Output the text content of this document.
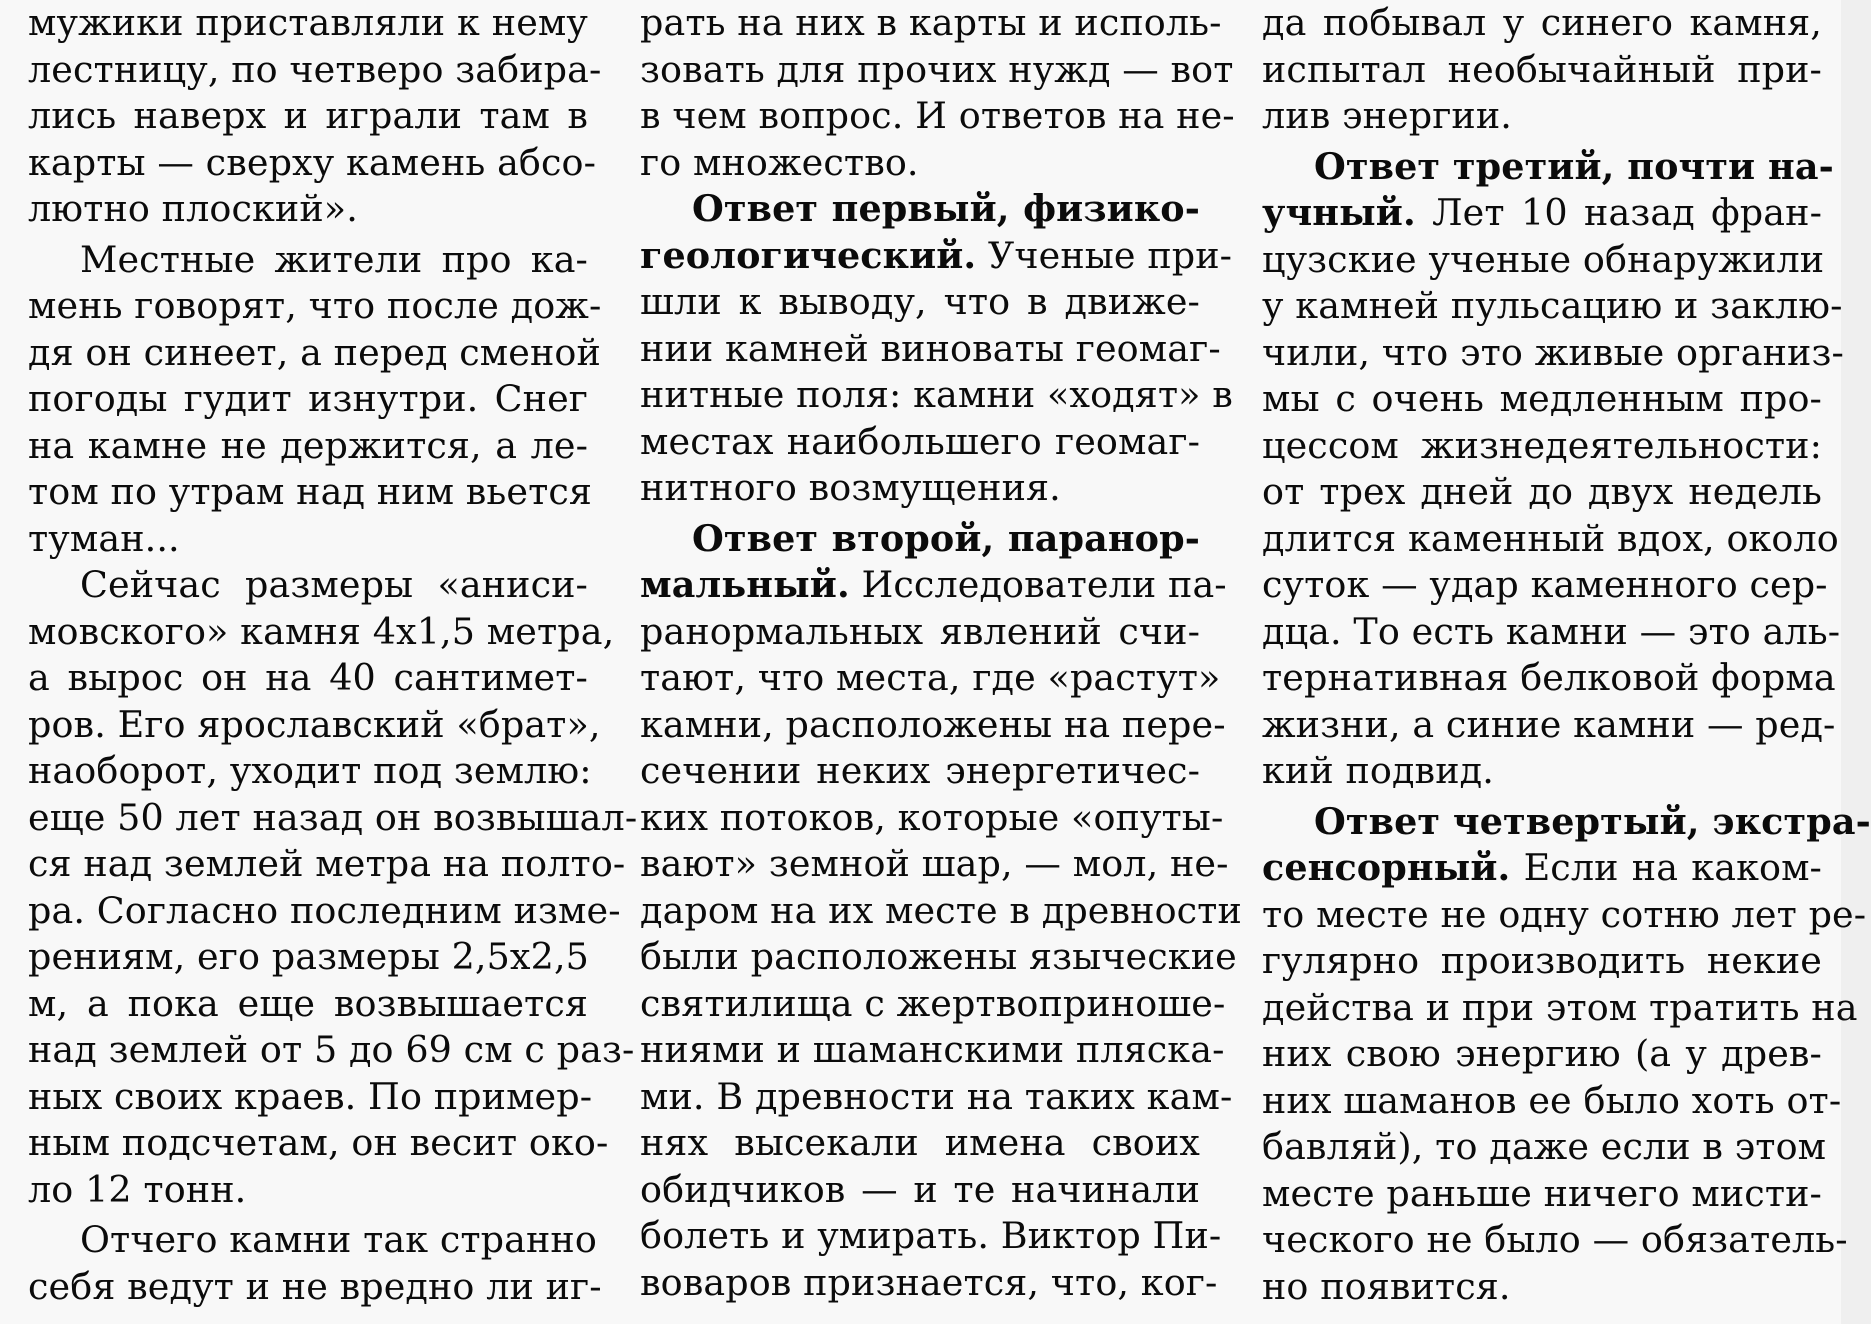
мужики приставляли к нему
лестницу, по четверо забира-
лись наверх и играли там в
карты — сверху камень абсо-
лютно плоский».
Местные жители про ка-
мень говорят, что после дож-
дя он синеет, а перед сменой
погоды гудит изнутри. Снег
на камне не держится, а ле-
том по утрам над ним вьется
туман...
Сейчас размеры «аниси-
мовского» камня 4х1,5 метра,
а вырос он на 40 сантимет-
ров. Его ярославский «брат»,
наоборот, уходит под землю:
еще 50 лет назад он возвышал-
ся над землей метра на полто-
ра. Согласно последним изме-
рениям, его размеры 2,5х2,5
м, а пока еще возвышается
над землей от 5 до 69 см с раз-
ных своих краев. По пример-
ным подсчетам, он весит око-
ло 12 тонн.
Отчего камни так странно
себя ведут и не вредно ли иг-
рать на них в карты и исполь-
зовать для прочих нужд — вот
в чем вопрос. И ответов на не-
го множество.
Ответ первый, физико-
геологический. Ученые при-
шли к выводу, что в движе-
нии камней виноваты геомаг-
нитные поля: камни «ходят» в
местах наибольшего геомаг-
нитного возмущения.
Ответ второй, паранор-
мальный. Исследователи па-
ранормальных явлений счи-
тают, что места, где «растут»
камни, расположены на пере-
сечении неких энергетичес-
ких потоков, которые «опуты-
вают» земной шар, — мол, не-
даром на их месте в древности
были расположены языческие
святилища с жертвоприноше-
ниями и шаманскими пляска-
ми. В древности на таких кам-
нях высекали имена своих
обидчиков — и те начинали
болеть и умирать. Виктор Пи-
воваров признается, что, ког-
да побывал у синего камня,
испытал необычайный при-
лив энергии.
Ответ третий, почти на-
учный. Лет 10 назад фран-
цузские ученые обнаружили
у камней пульсацию и заклю-
чили, что это живые организ-
мы с очень медленным про-
цессом жизнедеятельности:
от трех дней до двух недель
длится каменный вдох, около
суток — удар каменного сер-
дца. То есть камни — это аль-
тернативная белковой форма
жизни, а синие камни — ред-
кий подвид.
Ответ четвертый, экстра-
сенсорный. Если на каком-
то месте не одну сотню лет ре-
гулярно производить некие
действа и при этом тратить на
них свою энергию (а у древ-
них шаманов ее было хоть от-
бавляй), то даже если в этом
месте раньше ничего мисти-
ческого не было — обязатель-
но появится.
